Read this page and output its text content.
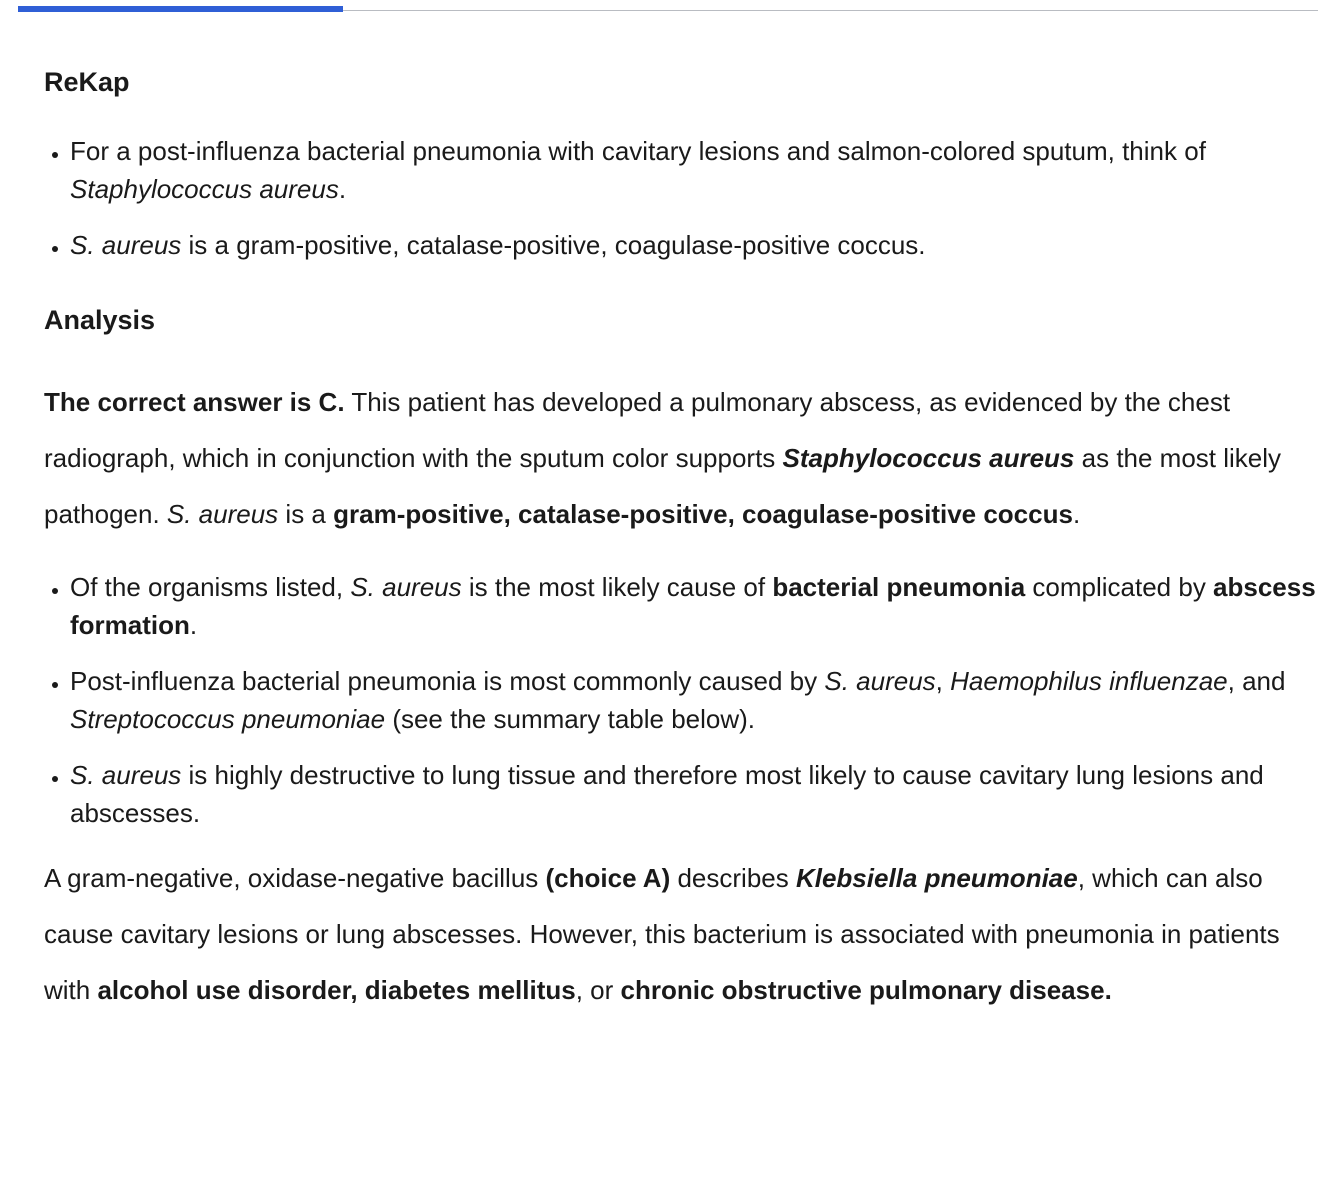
ReKap
• For a post-influenza bacterial pneumonia with cavitary lesions and salmon-colored sputum, think of Staphylococcus aureus.
• S. aureus is a gram-positive, catalase-positive, coagulase-positive coccus.
Analysis

The correct answer is C. This patient has developed a pulmonary abscess, as evidenced by the chest radiograph, which in conjunction with the sputum color supports Staphylococcus aureus as the most likely pathogen. S. aureus is a gram-positive, catalase-positive, coagulase-positive coccus.

• Of the organisms listed, S. aureus is the most likely cause of bacterial pneumonia complicated by abscess formation.
• Post-influenza bacterial pneumonia is most commonly caused by S. aureus, Haemophilus influenzae, and Streptococcus pneumoniae (see the summary table below).
• S. aureus is highly destructive to lung tissue and therefore most likely to cause cavitary lung lesions and abscesses.

A gram-negative, oxidase-negative bacillus (choice A) describes Klebsiella pneumoniae, which can also cause cavitary lesions or lung abscesses. However, this bacterium is associated with pneumonia in patients with alcohol use disorder, diabetes mellitus, or chronic obstructive pulmonary disease.
